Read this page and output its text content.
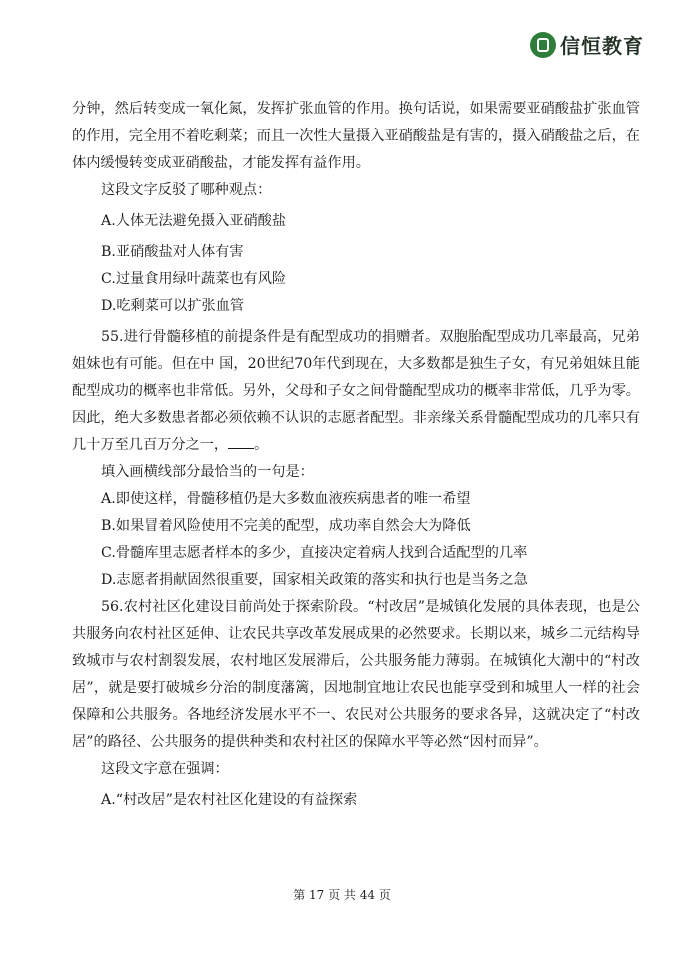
信恒教育

分钟，然后转变成一氧化氮，发挥扩张血管的作用。换句话说，如果需要亚硝酸盐扩张血管的作用，完全用不着吃剩菜；而且一次性大量摄入亚硝酸盐是有害的，摄入硝酸盐之后，在体内缓慢转变成亚硝酸盐，才能发挥有益作用。

这段文字反驳了哪种观点：

A.人体无法避免摄入亚硝酸盐

B.亚硝酸盐对人体有害

C.过量食用绿叶蔬菜也有风险

D.吃剩菜可以扩张血管

55.进行骨髓移植的前提条件是有配型成功的捐赠者。双胞胎配型成功几率最高，兄弟姐妹也有可能。但在中 国，20世纪70年代到现在，大多数都是独生子女，有兄弟姐妹且能配型成功的概率也非常低。另外，父母和子女之间骨髓配型成功的概率非常低，几乎为零。因此，绝大多数患者都必须依赖不认识的志愿者配型。非亲缘关系骨髓配型成功的几率只有几十万至几百万分之一， 。

填入画横线部分最恰当的一句是：

A.即使这样，骨髓移植仍是大多数血液疾病患者的唯一希望

B.如果冒着风险使用不完美的配型，成功率自然会大为降低

C.骨髓库里志愿者样本的多少，直接决定着病人找到合适配型的几率

D.志愿者捐献固然很重要，国家相关政策的落实和执行也是当务之急

56.农村社区化建设目前尚处于探索阶段。“村改居”是城镇化发展的具体表现，也是公共服务向农村社区延伸、让农民共享改革发展成果的必然要求。长期以来，城乡二元结构导致城市与农村割裂发展，农村地区发展滞后，公共服务能力薄弱。在城镇化大潮中的“村改居”，就是要打破城乡分治的制度藩篱，因地制宜地让农民也能享受到和城里人一样的社会保障和公共服务。各地经济发展水平不一、农民对公共服务的要求各异，这就决定了“村改居”的路径、公共服务的提供种类和农村社区的保障水平等必然“因村而异”。

这段文字意在强调：

A.“村改居”是农村社区化建设的有益探索

第 17 页 共 44 页
